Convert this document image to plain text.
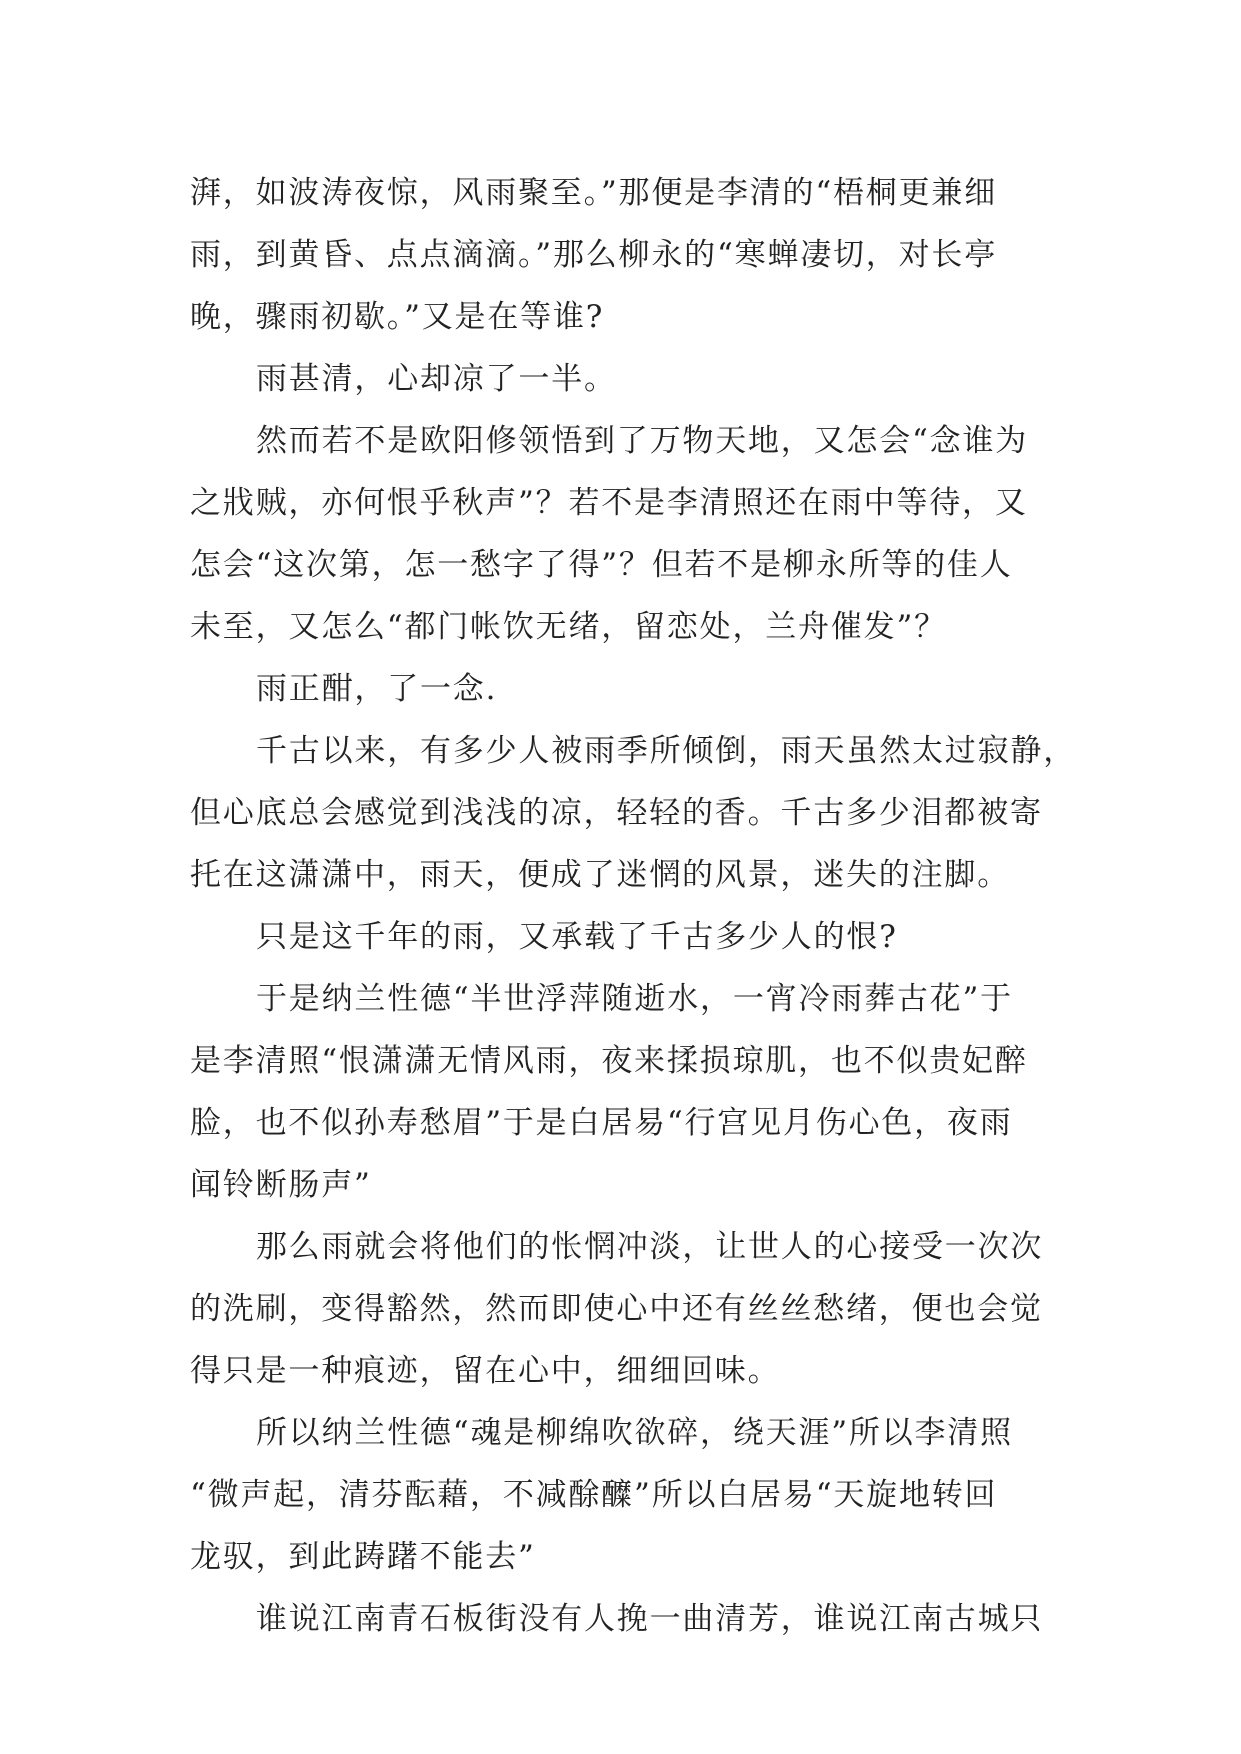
湃，如波涛夜惊，风雨聚至。”那便是李清的“梧桐更兼细
雨，到黄昏、点点滴滴。”那么柳永的“寒蝉凄切，对长亭
晚，骤雨初歇。”又是在等谁?
雨甚清，心却凉了一半。
然而若不是欧阳修领悟到了万物天地，又怎会“念谁为
之戕贼，亦何恨乎秋声”？若不是李清照还在雨中等待，又
怎会“这次第，怎一愁字了得”？但若不是柳永所等的佳人
未至，又怎么“都门帐饮无绪，留恋处，兰舟催发”？
雨正酣，了一念.
千古以来，有多少人被雨季所倾倒，雨天虽然太过寂静，
但心底总会感觉到浅浅的凉，轻轻的香。千古多少泪都被寄
托在这潇潇中，雨天，便成了迷惘的风景，迷失的注脚。
只是这千年的雨，又承载了千古多少人的恨?
于是纳兰性德“半世浮萍随逝水，一宵冷雨葬古花”于
是李清照“恨潇潇无情风雨，夜来揉损琼肌，也不似贵妃醉
脸，也不似孙寿愁眉”于是白居易“行宫见月伤心色，夜雨
闻铃断肠声”
那么雨就会将他们的怅惘冲淡，让世人的心接受一次次
的洗刷，变得豁然，然而即使心中还有丝丝愁绪，便也会觉
得只是一种痕迹，留在心中，细细回味。
所以纳兰性德“魂是柳绵吹欲碎，绕天涯”所以李清照
“微声起，清芬酝藉，不减酴醾”所以白居易“天旋地转回
龙驭，到此踌躇不能去”
谁说江南青石板街没有人挽一曲清芳，谁说江南古城只
